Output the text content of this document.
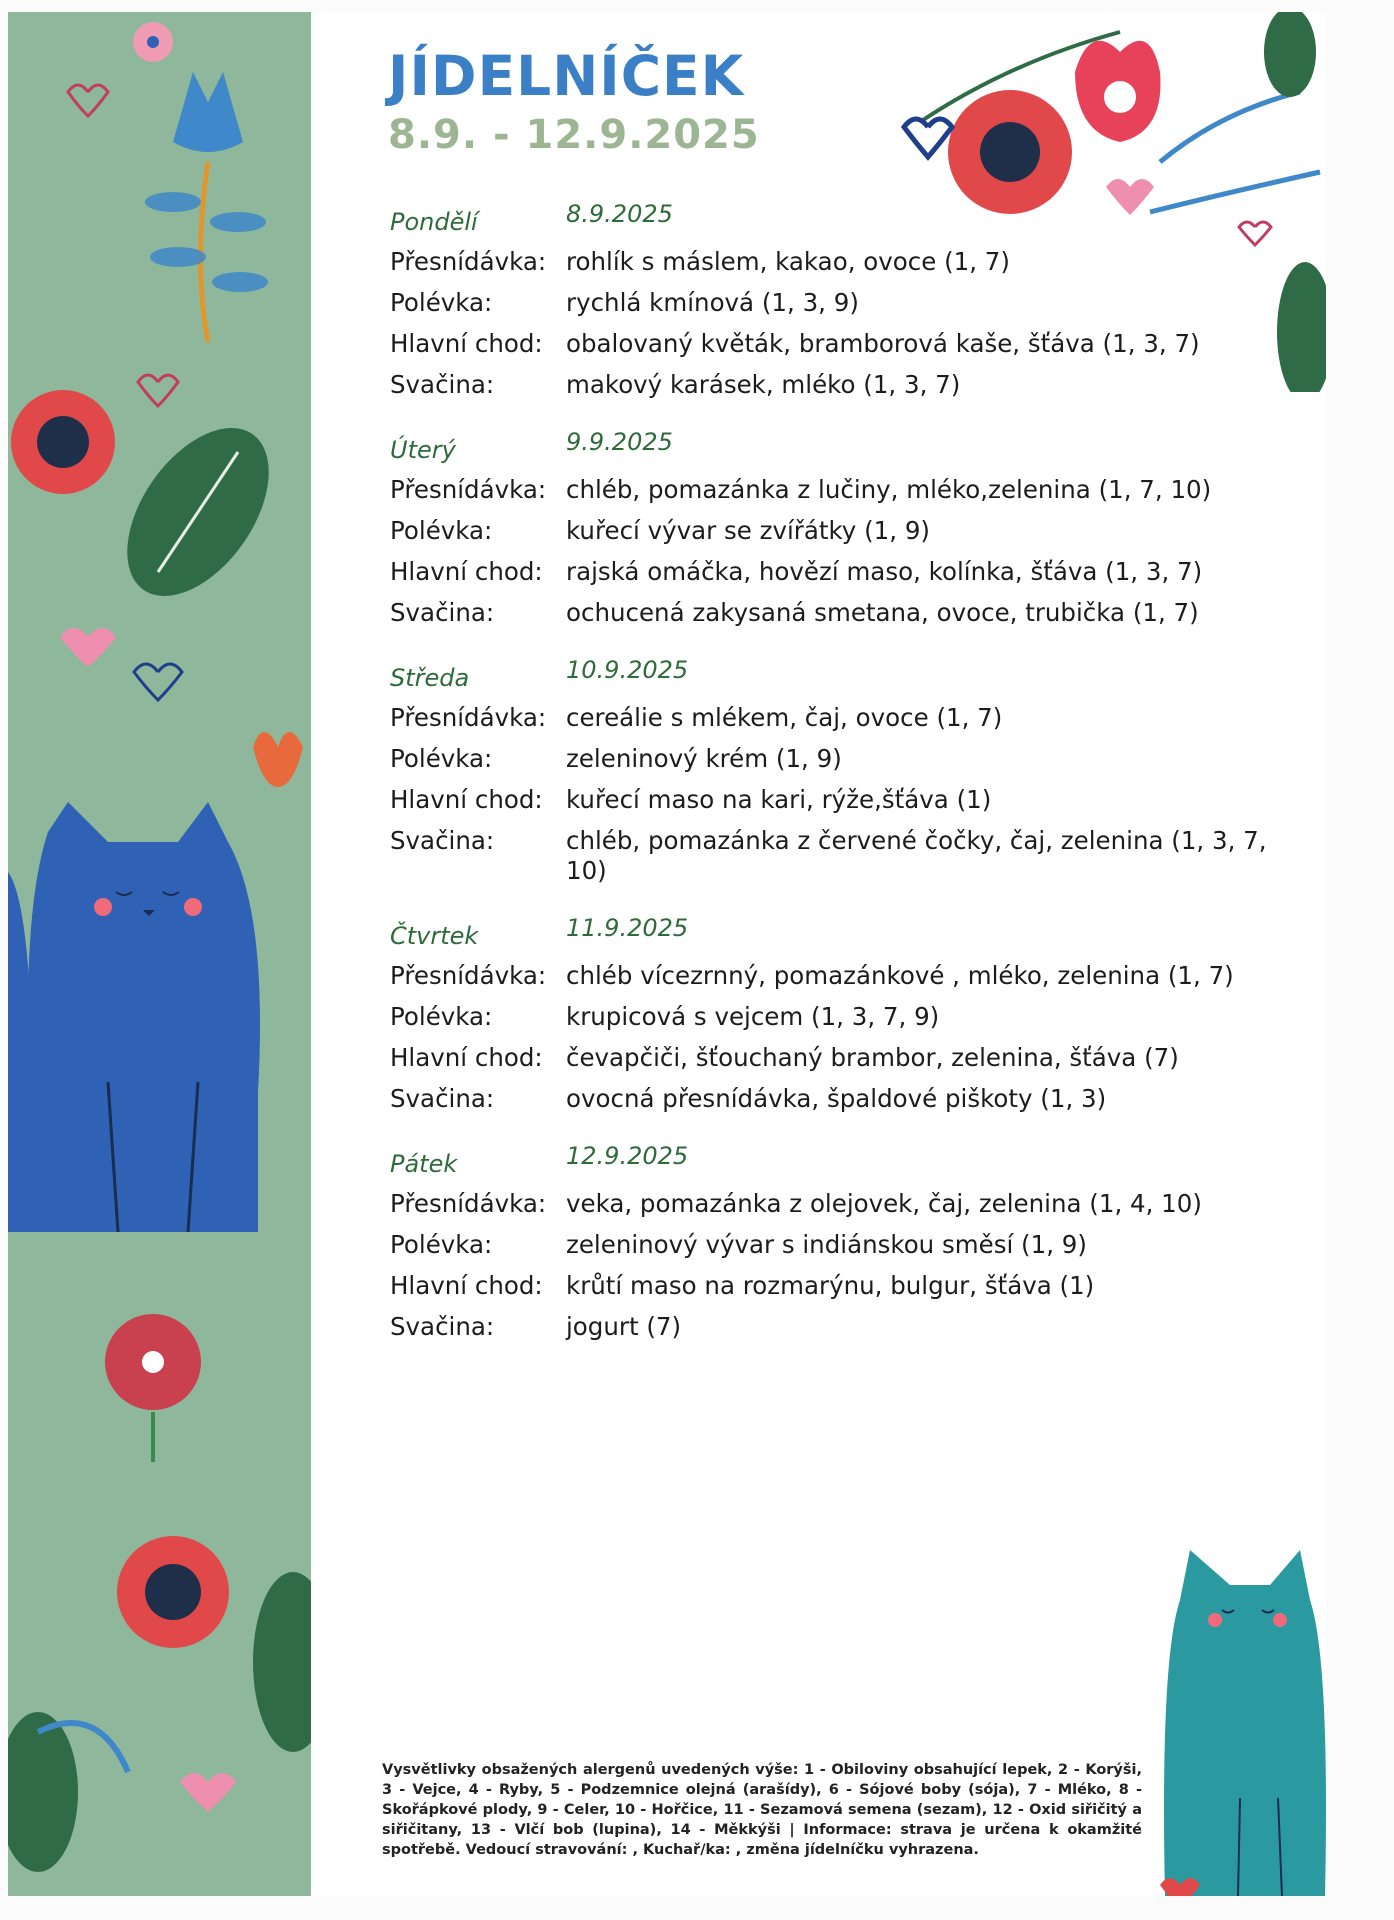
JÍDELNÍČEK
8.9. - 12.9.2025
Pondělí	8.9.2025
Přesnídávka: rohlík s máslem, kakao, ovoce (1, 7)
Polévka:	rychlá kmínová (1, 3, 9)
Hlavní chod: obalovaný květák, bramborová kaše, šťáva (1, 3, 7)
Svačina:	makový karásek, mléko (1, 3, 7)
Úterý	9.9.2025
Přesnídávka: chléb, pomazánka z lučiny, mléko,zelenina (1, 7, 10)
Polévka:	kuřecí vývar se zvířátky (1, 9)
Hlavní chod: rajská omáčka, hovězí maso, kolínka, šťáva (1, 3, 7)
Svačina:	ochucená zakysaná smetana, ovoce, trubička (1, 7)
Středa	10.9.2025
Přesnídávka: cereálie s mlékem, čaj, ovoce (1, 7)
Polévka:	zeleninový krém (1, 9)
Hlavní chod: kuřecí maso na kari, rýže,šťáva (1)
Svačina:	chléb, pomazánka z červené čočky, čaj, zelenina (1, 3, 7, 10)
Čtvrtek	11.9.2025
Přesnídávka: chléb vícezrnný, pomazánkové , mléko, zelenina (1, 7)
Polévka:	krupicová s vejcem (1, 3, 7, 9)
Hlavní chod: čevapčiči, šťouchaný brambor, zelenina, šťáva (7)
Svačina:	ovocná přesnídávka, špaldové piškoty (1, 3)
Pátek	12.9.2025
Přesnídávka: veka, pomazánka z olejovek, čaj, zelenina (1, 4, 10)
Polévka:	zeleninový vývar s indiánskou směsí (1, 9)
Hlavní chod: krůtí maso na rozmarýnu, bulgur, šťáva (1)
Svačina:	jogurt (7)

Vysvětlivky obsažených alergenů uvedených výše: 1 - Obiloviny obsahující lepek, 2 - Korýši, 3 - Vejce, 4 - Ryby, 5 - Podzemnice olejná (arašídy), 6 - Sójové boby (sója), 7 - Mléko, 8 - Skořápkové plody, 9 - Celer, 10 - Hořčice, 11 - Sezamová semena (sezam), 12 - Oxid siřičitý a siřičitany, 13 - Vlčí bob (lupina), 14 - Měkkýši | Informace: strava je určena k okamžité spotřebě. Vedoucí stravování: , Kuchař/ka: , změna jídelníčku vyhrazena.
